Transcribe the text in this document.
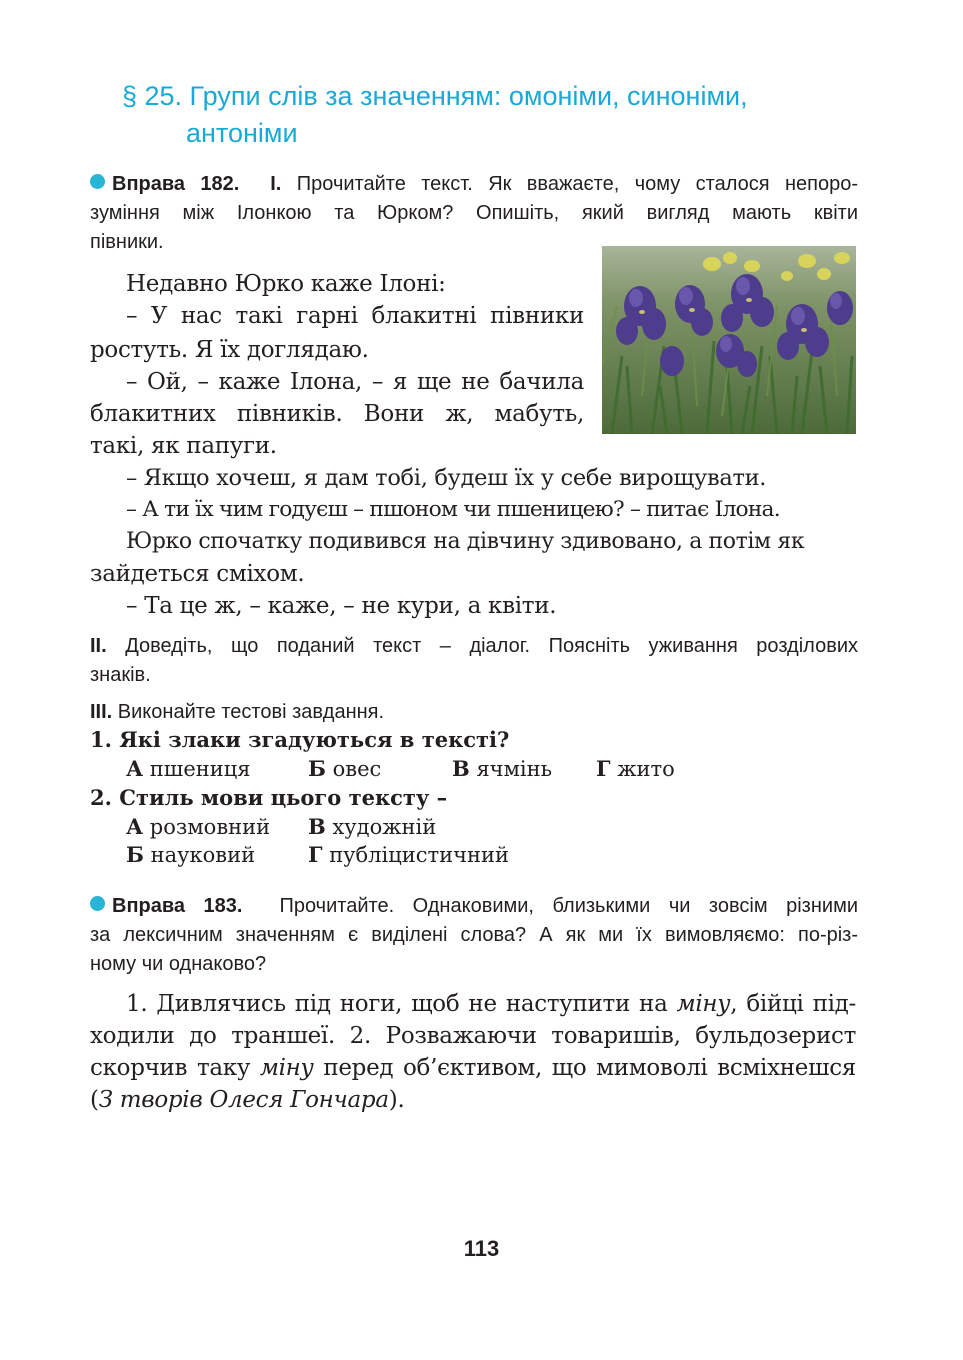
§ 25. Групи слів за значенням: омоніми, синоніми,
антоніми
Вправа 182. І. Прочитайте текст. Як вважаєте, чому сталося непоро-
зуміння між Ілонкою та Юрком? Опишіть, який вигляд мають квіти
півники.
Недавно Юрко каже Ілоні:
– У нас такі гарні блакитні півники
ростуть. Я їх доглядаю.
– Ой, – каже Ілона, – я ще не бачила
блакитних півників. Вони ж, мабуть,
такі, як папуги.
– Якщо хочеш, я дам тобі, будеш їх у себе вирощувати.
– А ти їх чим годуєш – пшоном чи пшеницею? – питає Ілона.
Юрко спочатку подивився на дівчину здивовано, а потім як
зайдеться сміхом.
– Та це ж, – каже, – не кури, а квіти.
ІІ. Доведіть, що поданий текст – діалог. Поясніть уживання розділових
знаків.
ІІІ. Виконайте тестові завдання.
1. Які злаки згадуються в тексті?
А пшениця	Б овес	В ячмінь Г жито
2. Стиль мови цього тексту –
А розмовний В художній
Б науковий	Г публіцистичний
Вправа 183. Прочитайте. Однаковими, близькими чи зовсім різними
за лексичним значенням є виділені слова? А як ми їх вимовляємо: по-різ-
ному чи однаково?
1. Дивлячись під ноги, щоб не наступити на міну, бійці під-
ходили до траншеї. 2. Розважаючи товаришів, бульдозерист
скорчив таку міну перед об’єктивом, що мимоволі всміхнешся
(З творів Олеся Гончара).
113
